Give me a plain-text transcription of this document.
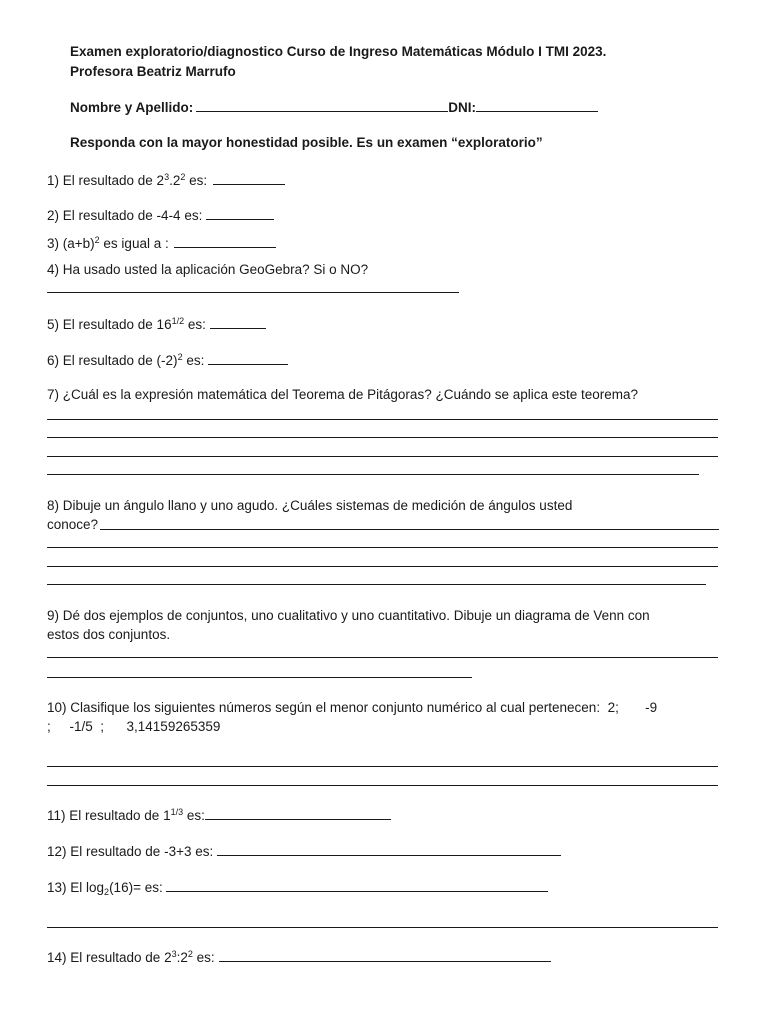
Examen exploratorio/diagnostico Curso de Ingreso Matemáticas Módulo I TMI 2023.
Profesora Beatriz Marrufo
Nombre y Apellido:	DNI:
Responda con la mayor honestidad posible. Es un examen “exploratorio”
1) El resultado de $2^3.2^2$ es:
2) El resultado de -4-4 es:
3) $(a+b)^2$ es igual a :
4) Ha usado usted la aplicación GeoGebra? Si o NO?
5) El resultado de $16^{1/2}$ es:
6) El resultado de $(-2)^2$ es:
7) ¿Cuál es la expresión matemática del Teorema de Pitágoras? ¿Cuándo se aplica este teorema?
8) Dibuje un ángulo llano y uno agudo. ¿Cuáles sistemas de medición de ángulos usted
conoce?
9) Dé dos ejemplos de conjuntos, uno cualitativo y uno cuantitativo. Dibuje un diagrama de Venn con
estos dos conjuntos.
10) Clasifique los siguientes números según el menor conjunto numérico al cual pertenecen:  2;       -9
;     -1/5  ;      3,14159265359
11) El resultado de $1^{1/3}$ es:
12) El resultado de -3+3 es:
13) El $\log_2(16)=$ es:
14) El resultado de $2^3:2^2$ es:
